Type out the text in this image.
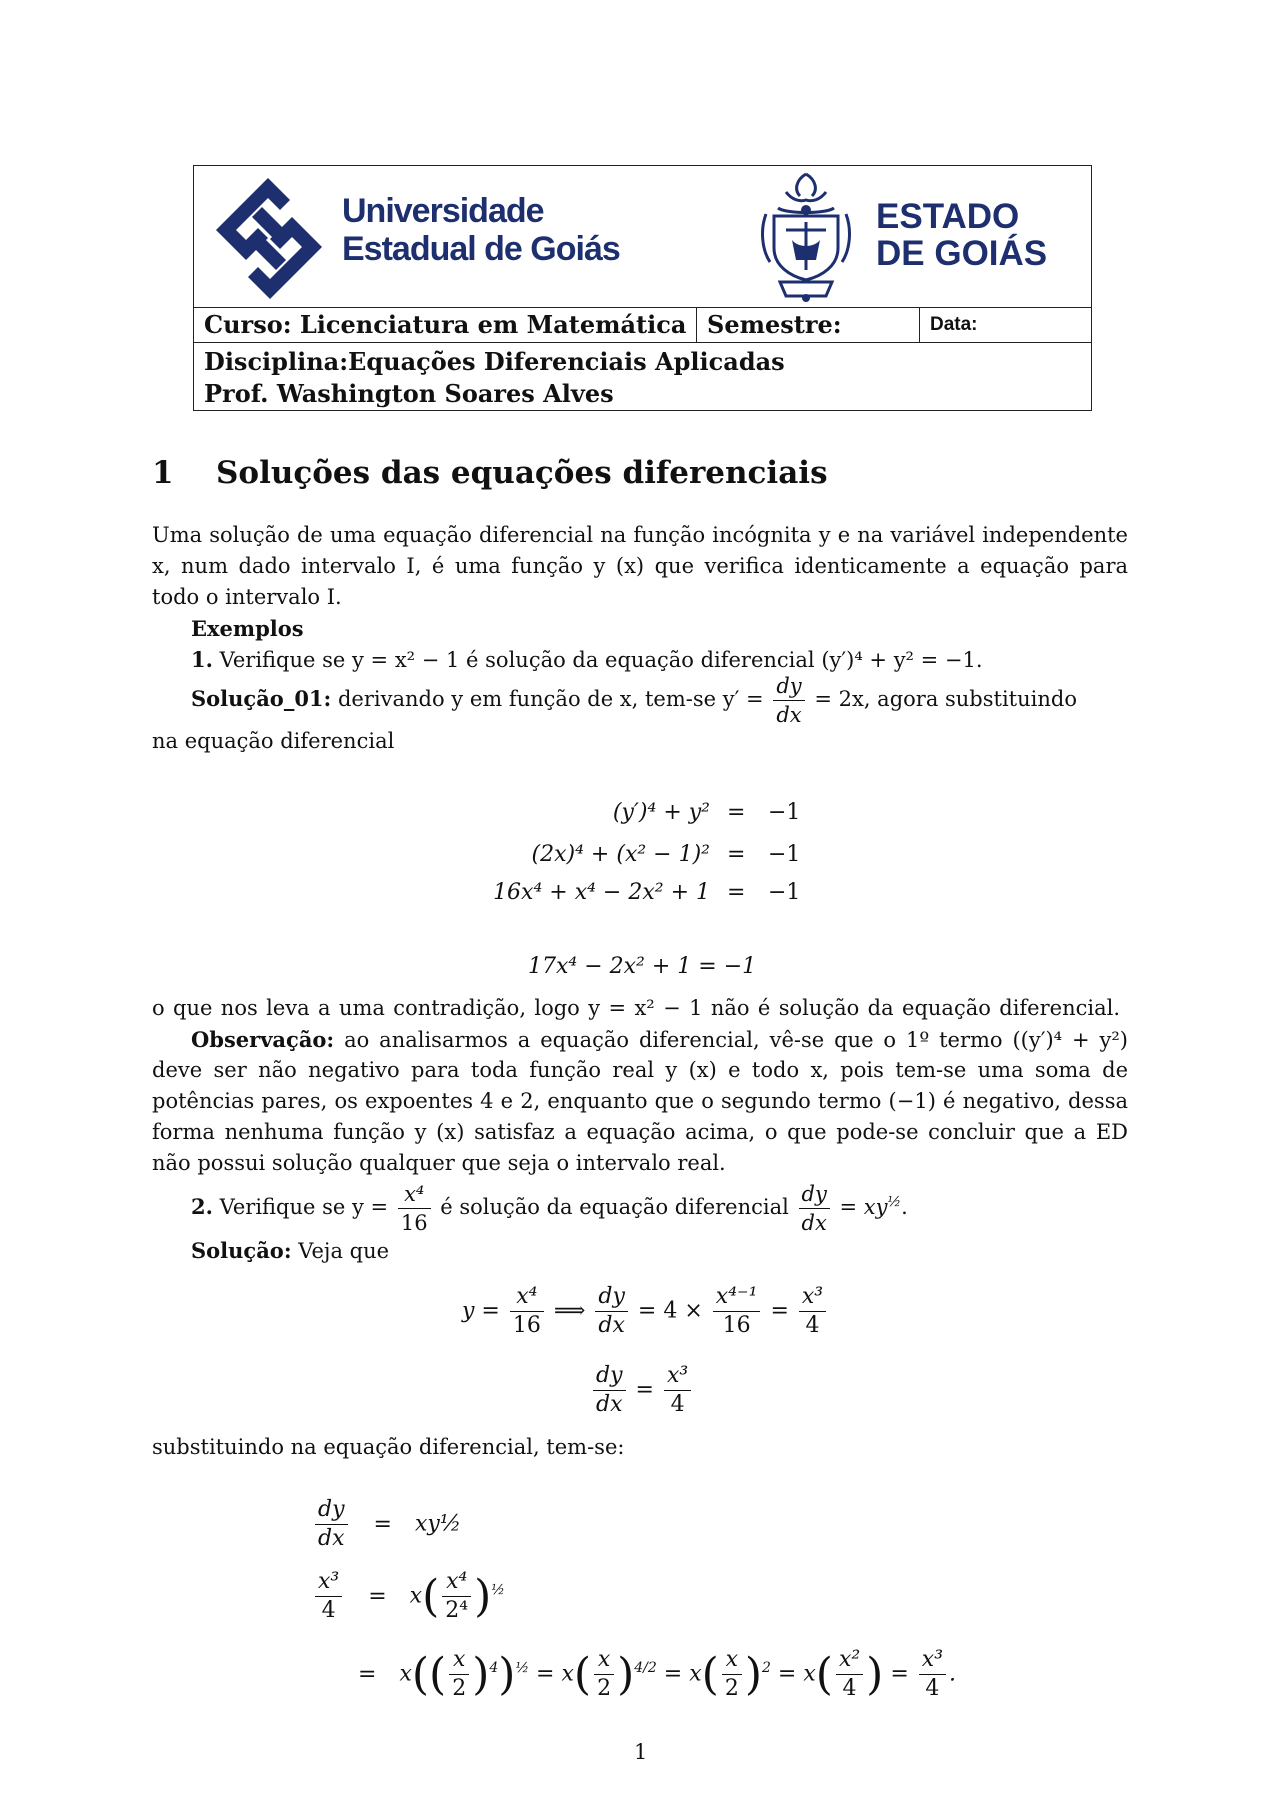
Universidade
Estadual de Goiás
ESTADO
DE GOIÁS
Curso: Licenciatura em Matemática Semestre:	Data:
Disciplina:Equações Diferenciais Aplicadas
Prof. Washington Soares Alves
1 Soluções das equações diferenciais
Uma solução de uma equação diferencial na função incógnita y e na variável independente
x, num dado intervalo I, é uma função y (x) que verifica identicamente a equação para
todo o intervalo I.
Exemplos
1. Verifique se y = x² − 1 é solução da equação diferencial (y′)⁴ + y² = −1.
Solução_01: derivando y em função de x, tem-se $y' = \frac{dy}{dx} = 2x$, agora substituindo
na equação diferencial
(y′)⁴ + y²
(2x)⁴ + (x² − 1)²
16x⁴ + x⁴ − 2x² + 1
=
=
=
−1
−1
−1
17x⁴ − 2x² + 1 = −1
o que nos leva a uma contradição, logo y = x² − 1 não é solução da equação diferencial.
Observação: ao analisarmos a equação diferencial, vê-se que o 1º termo ((y′)⁴ + y²)
deve ser não negativo para toda função real y (x) e todo x, pois tem-se uma soma de
potências pares, os expoentes 4 e 2, enquanto que o segundo termo (−1) é negativo, dessa
forma nenhuma função y (x) satisfaz a equação acima, o que pode-se concluir que a ED
não possui solução qualquer que seja o intervalo real.
2. Verifique se $y = \frac{\text{x⁴}}{16}$ é solução da equação diferencial $\frac{dy}{dx} = xy^{\frac{1}{2}}$.
Solução: Veja que
$y = \frac{\text{x⁴}}{16}$ ⟹ $\frac{dy}{dx} = 4 \times \frac{\text{x⁴⁻¹}}{16} = \frac{\text{x³}}{4}$
$\frac{dy}{dx} = \frac{\text{x³}}{4}$
substituindo na equação diferencial, tem-se:
$\frac{dy}{dx}$ = xy½
$\frac{\text{x³}}{4} = x( \frac{\text{x⁴}}{\text{2⁴}} )^{\frac{1}{2}}$
= $x(( \frac{x}{2} )^4)^{\frac{1}{2}} = x( \frac{x}{2} )^{4/2} = x( \frac{x}{2} )^2 = x( \frac{\text{x²}}{4}$ ) = $\frac{\text{x³}}{4}$ .
1
